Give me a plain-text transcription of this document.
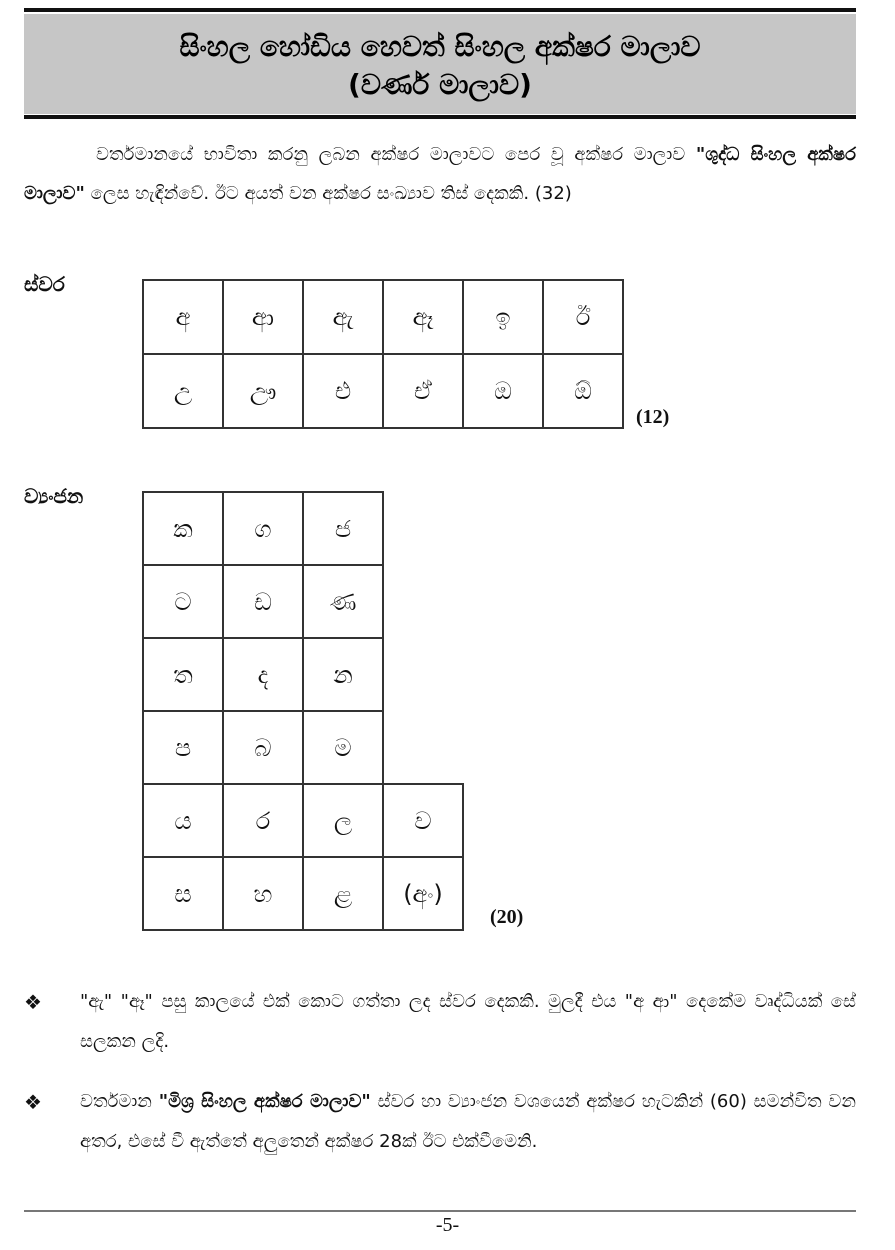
සිංහල හෝඩිය හෙවත් සිංහල අක්ෂර මාලාව
(වර්ණ මාලාව)
වර්තමානයේ භාවිතා කරනු ලබන අක්ෂර මාලාවට පෙර වූ අක්ෂර මාලාව "ශුද්ධ සිංහල අක්ෂර මාලාව" ලෙස හැඳින්වේ. ඊට අයත් වන අක්ෂර සංඛ්‍යාව තිස් දෙකකි. (32)
ස්වර
අ	ආ	ඇ	ඈ	ඉ	ඊ
උ	ඌ	එ	ඒ	ඔ	ඕ
(12)
ව්‍යංජන
ක	ග	ජ	
ට	ඩ	ණ	
ත	ද	න	
ප	බ	ම	
ය	ර	ල	ව
ස	හ	ළ	(අං)
(20)
❖ "ඇ" "ඈ" පසු කාලයේ එක් කොට ගත්තා ලද ස්වර දෙකකි. මුලදී එය "අ ආ" දෙකේම වෘද්ධියක් සේ සලකන ලදි.
❖ වර්තමාන "මිශ්‍ර සිංහල අක්ෂර මාලාව" ස්වර හා ව්‍යාංජන වශයෙන් අක්ෂර හැටකින් (60) සමන්විත වන අතර, එසේ වී ඇත්තේ අලුතෙන් අක්ෂර 28ක් ඊට එක්වීමෙනි.
-5-
